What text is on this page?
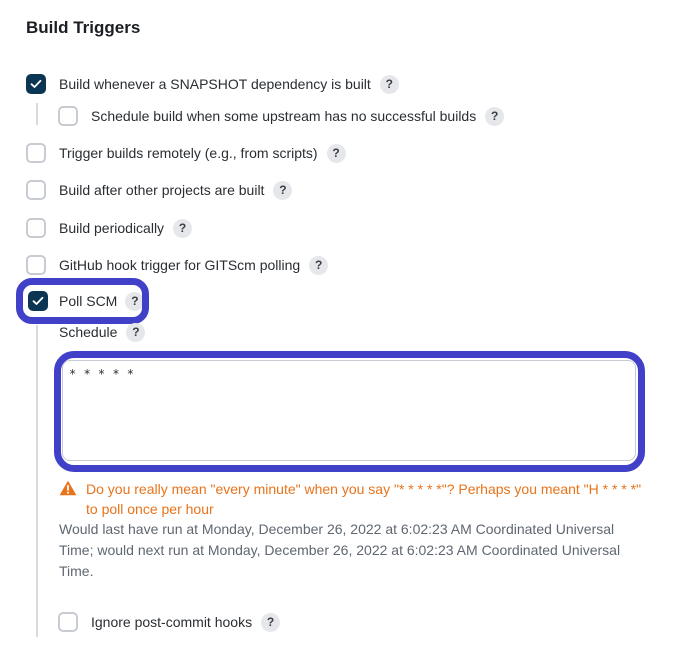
Build Triggers
Build whenever a SNAPSHOT dependency is built	?
Schedule build when some upstream has no successful builds	?
Trigger builds remotely (e.g., from scripts)	?
Build after other projects are built	?
Build periodically	?
GitHub hook trigger for GITScm polling	?
Poll SCM	?
Schedule	?
* * * * *
Do you really mean "every minute" when you say "* * * * *"? Perhaps you meant "H * * * *" to poll once per hour
Would last have run at Monday, December 26, 2022 at 6:02:23 AM Coordinated Universal Time; would next run at Monday, December 26, 2022 at 6:02:23 AM Coordinated Universal Time.
Ignore post-commit hooks	?
